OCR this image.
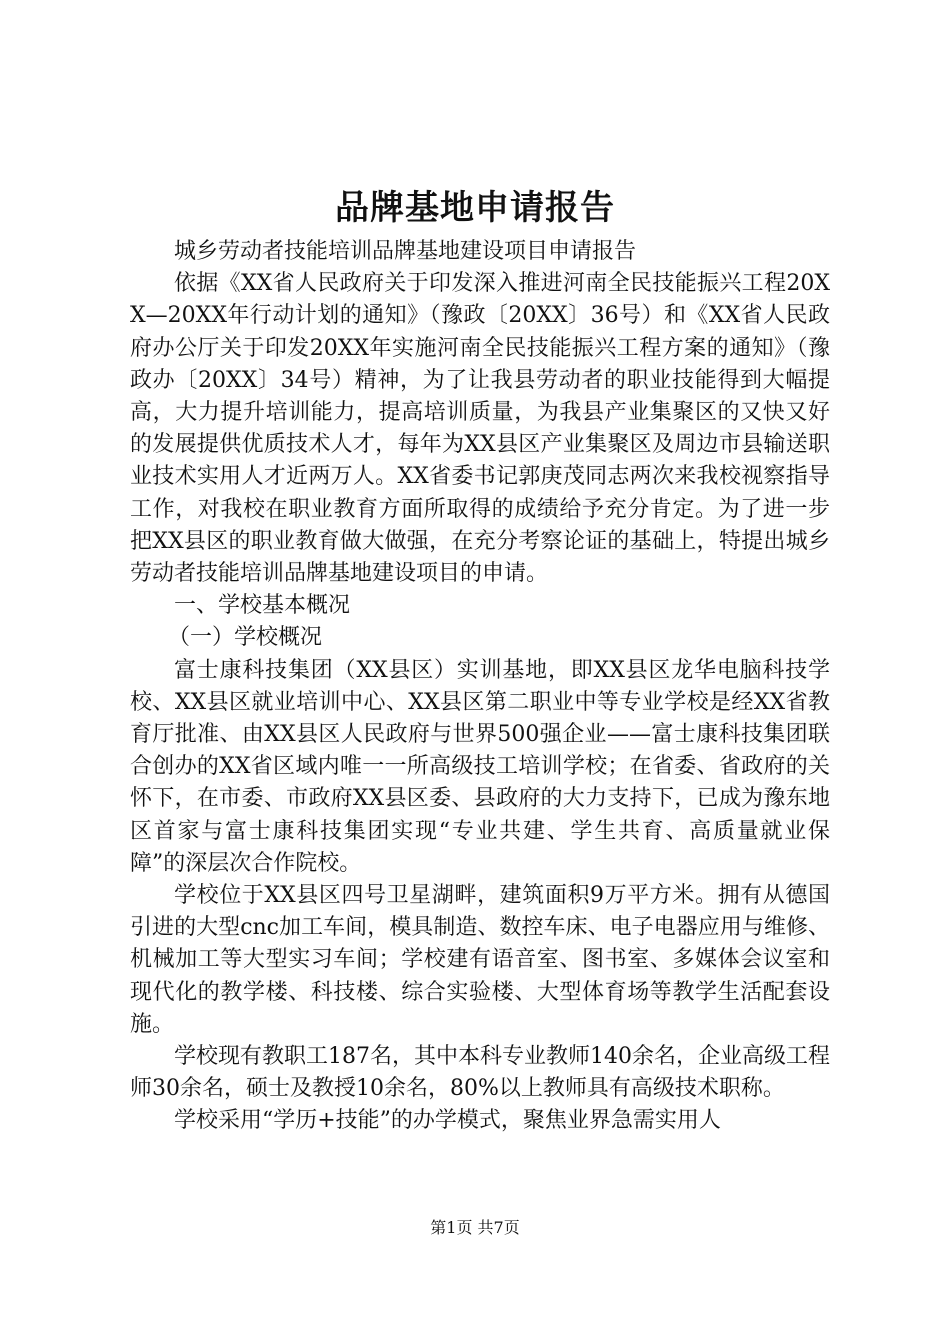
品牌基地申请报告

城乡劳动者技能培训品牌基地建设项目申请报告

依据《XX省人民政府关于印发深入推进河南全民技能振兴工程20XX—20XX年行动计划的通知》（豫政〔20XX〕36号）和《XX省人民政府办公厅关于印发20XX年实施河南全民技能振兴工程方案的通知》（豫政办〔20XX〕34号）精神，为了让我县劳动者的职业技能得到大幅提高，大力提升培训能力，提高培训质量，为我县产业集聚区的又快又好的发展提供优质技术人才，每年为XX县区产业集聚区及周边市县输送职业技术实用人才近两万人。XX省委书记郭庚茂同志两次来我校视察指导工作，对我校在职业教育方面所取得的成绩给予充分肯定。为了进一步把XX县区的职业教育做大做强，在充分考察论证的基础上，特提出城乡劳动者技能培训品牌基地建设项目的申请。

一、学校基本概况

（一）学校概况

富士康科技集团（XX县区）实训基地，即XX县区龙华电脑科技学校、XX县区就业培训中心、XX县区第二职业中等专业学校是经XX省教育厅批准、由XX县区人民政府与世界500强企业——富士康科技集团联合创办的XX省区域内唯一一所高级技工培训学校；在省委、省政府的关怀下，在市委、市政府XX县区委、县政府的大力支持下，已成为豫东地区首家与富士康科技集团实现“专业共建、学生共育、高质量就业保障”的深层次合作院校。

学校位于XX县区四号卫星湖畔，建筑面积9万平方米。拥有从德国引进的大型cnc加工车间，模具制造、数控车床、电子电器应用与维修、机械加工等大型实习车间；学校建有语音室、图书室、多媒体会议室和现代化的教学楼、科技楼、综合实验楼、大型体育场等教学生活配套设施。

学校现有教职工187名，其中本科专业教师140余名，企业高级工程师30余名，硕士及教授10余名，80%以上教师具有高级技术职称。

学校采用“学历+技能”的办学模式，聚焦业界急需实用人

第1页 共7页
